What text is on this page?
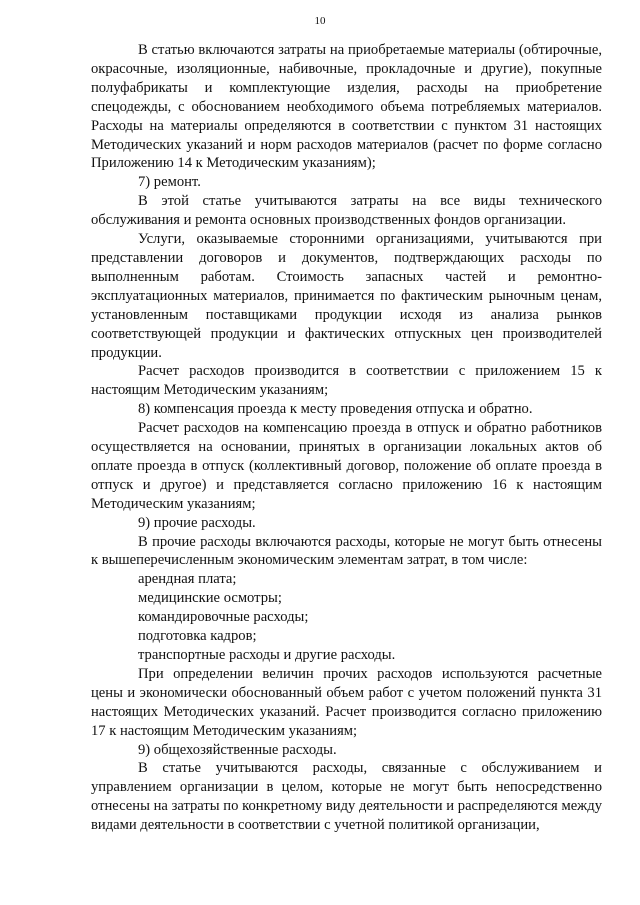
10

В статью включаются затраты на приобретаемые материалы (обтирочные, окрасочные, изоляционные, набивочные, прокладочные и другие), покупные полуфабрикаты и комплектующие изделия, расходы на приобретение спецодежды, с обоснованием необходимого объема потребляемых материалов. Расходы на материалы определяются в соответствии с пунктом 31 настоящих Методических указаний и норм расходов материалов (расчет по форме согласно Приложению 14 к Методическим указаниям);

7) ремонт.

В этой статье учитываются затраты на все виды технического обслуживания и ремонта основных производственных фондов организации.

Услуги, оказываемые сторонними организациями, учитываются при представлении договоров и документов, подтверждающих расходы по выполненным работам. Стоимость запасных частей и ремонтно-эксплуатационных материалов, принимается по фактическим рыночным ценам, установленным поставщиками продукции исходя из анализа рынков соответствующей продукции и фактических отпускных цен производителей продукции.

Расчет расходов производится в соответствии с приложением 15 к настоящим Методическим указаниям;

8) компенсация проезда к месту проведения отпуска и обратно.

Расчет расходов на компенсацию проезда в отпуск и обратно работников осуществляется на основании, принятых в организации локальных актов об оплате проезда в отпуск (коллективный договор, положение об оплате проезда в отпуск и другое) и представляется согласно приложению 16 к настоящим Методическим указаниям;

9) прочие расходы.

В прочие расходы включаются расходы, которые не могут быть отнесены к вышеперечисленным экономическим элементам затрат, в том числе:

арендная плата;

медицинские осмотры;

командировочные расходы;

подготовка кадров;

транспортные расходы и другие расходы.

При определении величин прочих расходов используются расчетные цены и экономически обоснованный объем работ с учетом положений пункта 31 настоящих Методических указаний. Расчет производится согласно приложению 17 к настоящим Методическим указаниям;

9) общехозяйственные расходы.

В статье учитываются расходы, связанные с обслуживанием и управлением организации в целом, которые не могут быть непосредственно отнесены на затраты по конкретному виду деятельности и распределяются между видами деятельности в соответствии с учетной политикой организации,
